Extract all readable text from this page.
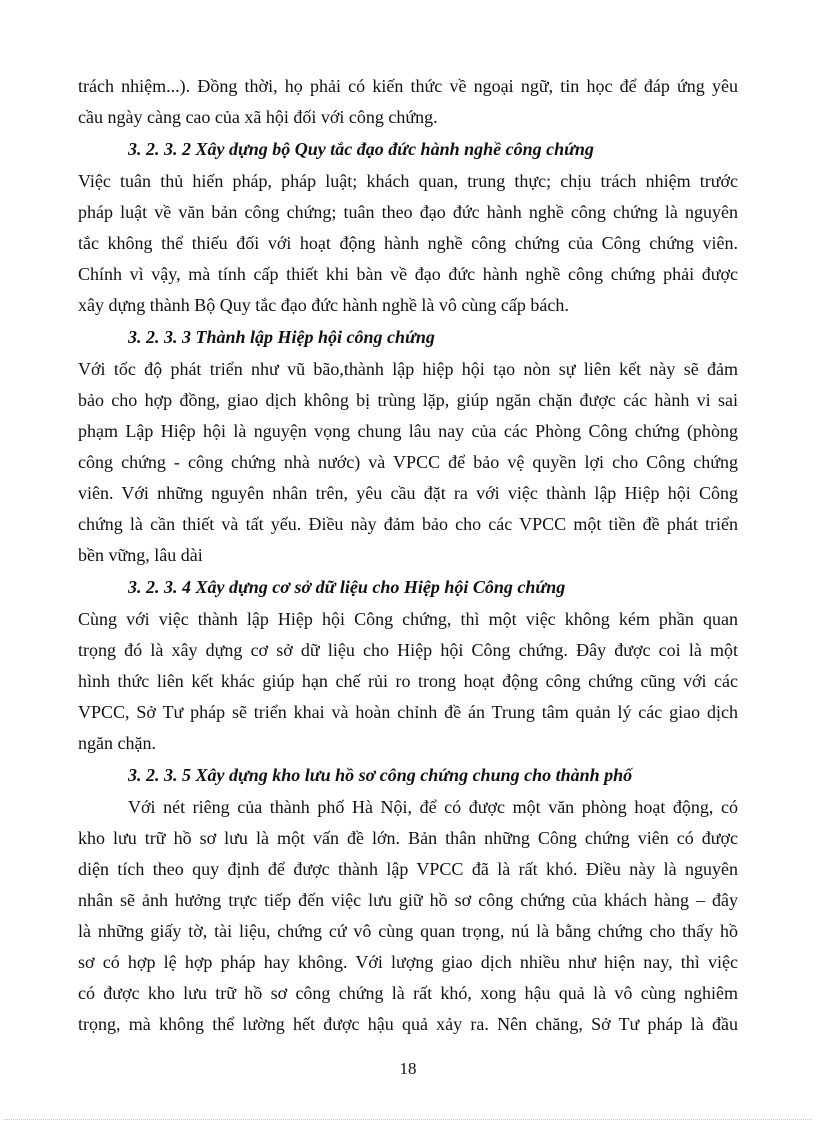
trách nhiệm...). Đồng thời, họ phải có kiến thức về ngoại ngữ, tin học để đáp ứng yêu
cầu ngày càng cao của xã hội đối với công chứng.
3. 2. 3. 2 Xây dựng bộ Quy tắc đạo đức hành nghề công chứng
Việc tuân thủ hiến pháp, pháp luật; khách quan, trung thực; chịu trách nhiệm trước
pháp luật về văn bản công chứng; tuân theo đạo đức hành nghề công chứng là nguyên
tắc không thể thiếu đối với hoạt động hành nghề công chứng của Công chứng viên.
Chính vì vậy, mà tính cấp thiết khi bàn về đạo đức hành nghề công chứng phải được
xây dựng thành Bộ Quy tắc đạo đức hành nghề là vô cùng cấp bách.
3. 2. 3. 3 Thành lập Hiệp hội công chứng
Với tốc độ phát triển như vũ bão,thành lập hiệp hội tạo nòn sự liên kết này sẽ đảm
bảo cho hợp đồng, giao dịch không bị trùng lặp, giúp ngăn chặn được các hành vi sai
phạm Lập Hiệp hội là nguyện vọng chung lâu nay của các Phòng Công chứng (phòng
công chứng - công chứng nhà nước) và VPCC để bảo vệ quyền lợi cho Công chứng
viên. Với những nguyên nhân trên, yêu cầu đặt ra với việc thành lập Hiệp hội Công
chứng là cần thiết và tất yếu. Điều này đảm bảo cho các VPCC một tiền đề phát triển
bền vững, lâu dài
3. 2. 3. 4 Xây dựng cơ sở dữ liệu cho Hiệp hội Công chứng
Cùng với việc thành lập Hiệp hội Công chứng, thì một việc không kém phần quan
trọng đó là xây dựng cơ sở dữ liệu cho Hiệp hội Công chứng. Đây được coi là một
hình thức liên kết khác giúp hạn chế rủi ro trong hoạt động công chứng cũng với các
VPCC, Sở Tư pháp sẽ triển khai và hoàn chỉnh đề án Trung tâm quản lý các giao dịch
ngăn chặn.
3. 2. 3. 5 Xây dựng kho lưu hồ sơ công chứng chung cho thành phố
Với nét riêng của thành phố Hà Nội, để có được một văn phòng hoạt động, có
kho lưu trữ hồ sơ lưu là một vấn đề lớn. Bản thân những Công chứng viên có được
diện tích theo quy định để được thành lập VPCC đã là rất khó. Điều này là nguyên
nhân sẽ ảnh hưởng trực tiếp đến việc lưu giữ hồ sơ công chứng của khách hàng – đây
là những giấy tờ, tài liệu, chứng cứ vô cùng quan trọng, nú là bằng chứng cho thấy hồ
sơ có hợp lệ hợp pháp hay không. Với lượng giao dịch nhiều như hiện nay, thì việc
có được kho lưu trữ hồ sơ công chứng là rất khó, xong hậu quả là vô cùng nghiêm
trọng, mà không thể lường hết được hậu quả xảy ra. Nên chăng, Sở Tư pháp là đầu
18
